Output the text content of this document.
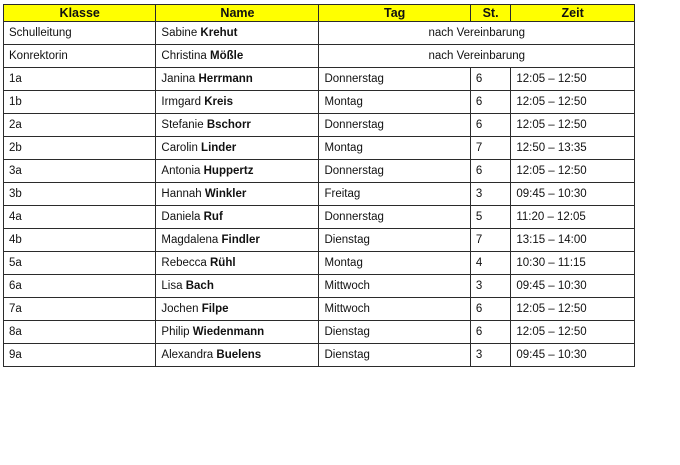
Klasse	Name	Tag	St.	Zeit
Schulleitung	Sabine Krehut	nach Vereinbarung		
Konrektorin	Christina Mößle	nach Vereinbarung		
1a	Janina Herrmann	Donnerstag	6	12:05 – 12:50
1b	Irmgard Kreis	Montag	6	12:05 – 12:50
2a	Stefanie Bschorr	Donnerstag	6	12:05 – 12:50
2b	Carolin Linder	Montag	7	12:50 – 13:35
3a	Antonia Huppertz	Donnerstag	6	12:05 – 12:50
3b	Hannah Winkler	Freitag	3	09:45 – 10:30
4a	Daniela Ruf	Donnerstag	5	11:20 – 12:05
4b	Magdalena Findler	Dienstag	7	13:15 – 14:00
5a	Rebecca Rühl	Montag	4	10:30 – 11:15
6a	Lisa Bach	Mittwoch	3	09:45 – 10:30
7a	Jochen Filpe	Mittwoch	6	12:05 – 12:50
8a	Philip Wiedenmann	Dienstag	6	12:05 – 12:50
9a	Alexandra Buelens	Dienstag	3	09:45 – 10:30
